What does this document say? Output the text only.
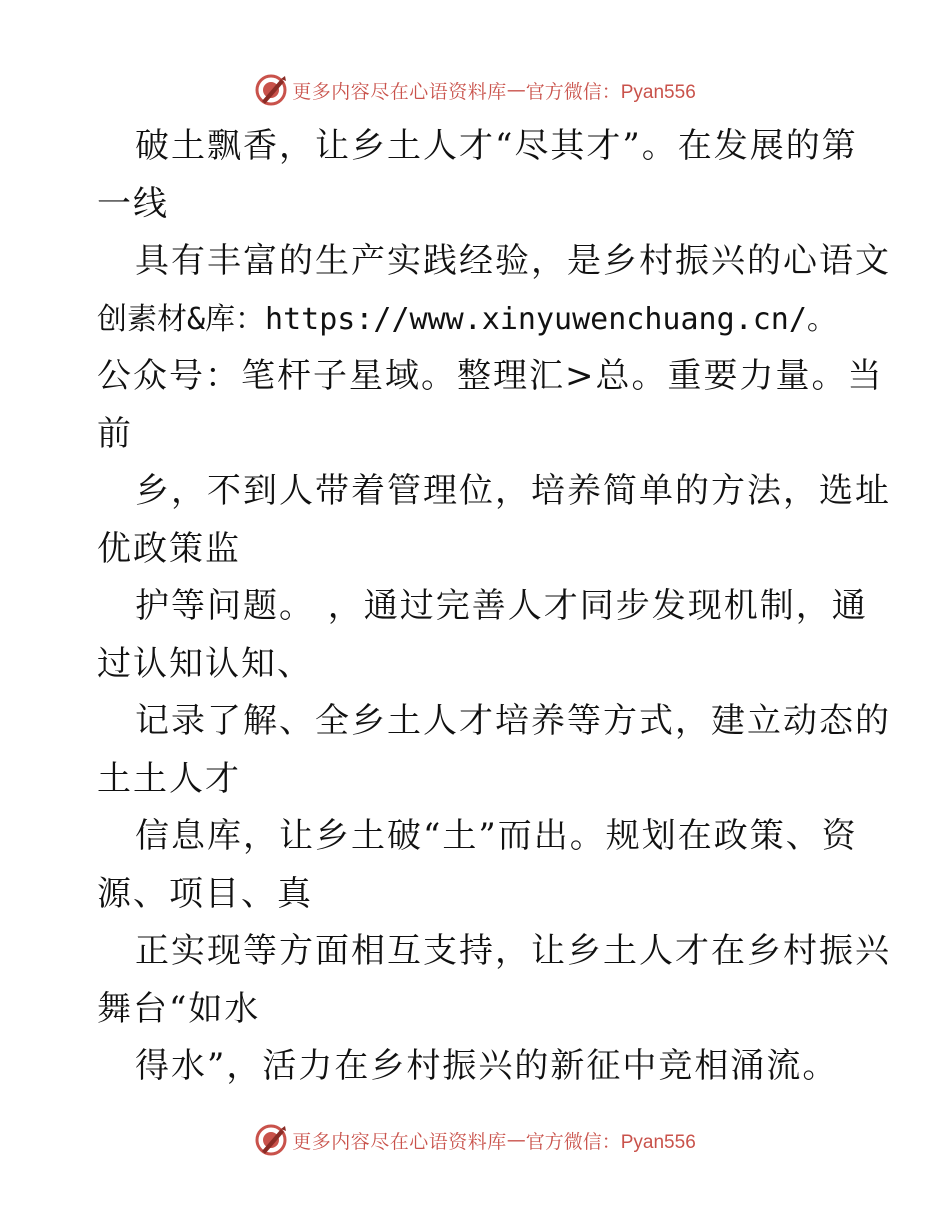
更多内容尽在心语资料库 — 官方微信：Pyan556
破土飘香，让乡土人才“尽其才”。在发展的第
一线
具有丰富的生产实践经验，是乡村振兴的心语文
创素材&库：https://www.xinyuwenchuang.cn/。
公众号：笔杆子星域。整理汇>总。重要力量。当
前
乡，不到人带着管理位，培养简单的方法，选址
优政策监
护等问题。 ，通过完善人才同步发现机制，通
过认知认知、
记录了解、全乡土人才培养等方式，建立动态的
土土人才
信息库，让乡土破“土”而出。规划在政策、资
源、项目、真
正实现等方面相互支持，让乡土人才在乡村振兴
舞台“如水
得水”，活力在乡村振兴的新征中竞相涌流。
更多内容尽在心语资料库 — 官方微信：Pyan556
